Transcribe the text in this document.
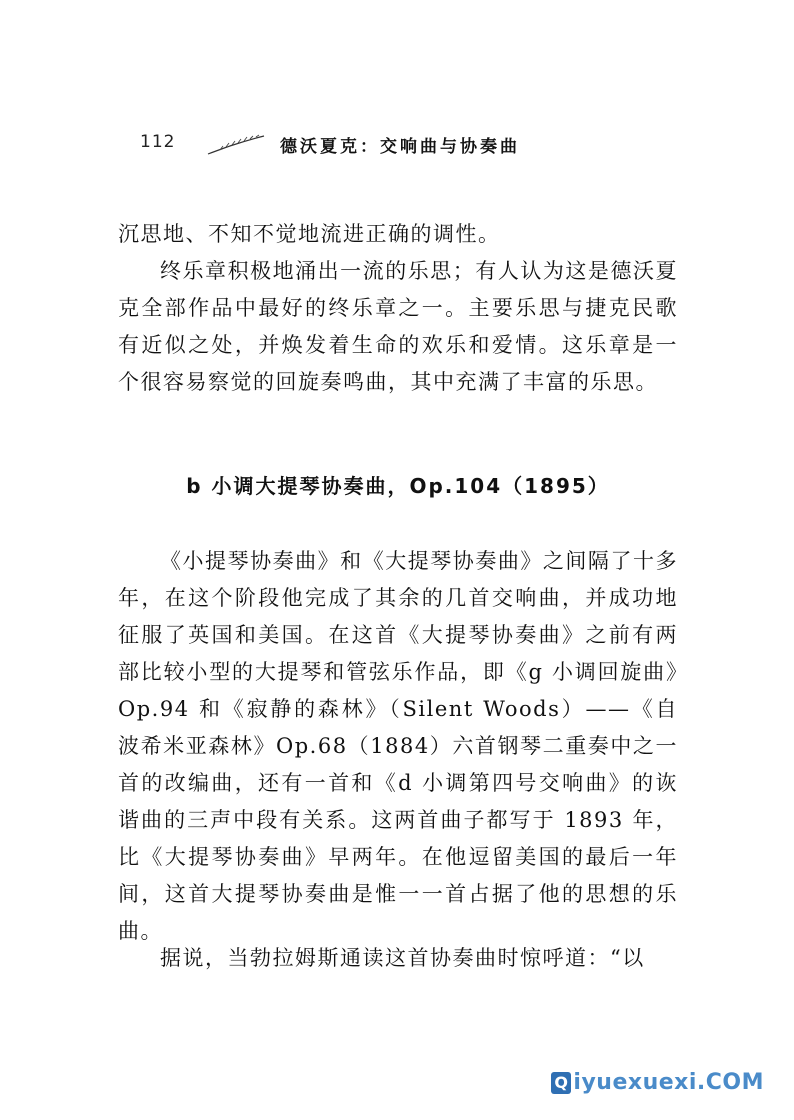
112	德沃夏克：交响曲与协奏曲

沉思地、不知不觉地流进正确的调性。

终乐章积极地涌出一流的乐思；有人认为这是德沃夏克全部作品中最好的终乐章之一。主要乐思与捷克民歌有近似之处，并焕发着生命的欢乐和爱情。这乐章是一个很容易察觉的回旋奏鸣曲，其中充满了丰富的乐思。

b 小调大提琴协奏曲，Op.104（1895）

《小提琴协奏曲》和《大提琴协奏曲》之间隔了十多年，在这个阶段他完成了其余的几首交响曲，并成功地征服了英国和美国。在这首《大提琴协奏曲》之前有两部比较小型的大提琴和管弦乐作品，即《g 小调回旋曲》Op.94 和《寂静的森林》（Silent Woods）——《自波希米亚森林》Op.68（1884）六首钢琴二重奏中之一首的改编曲，还有一首和《d 小调第四号交响曲》的诙谐曲的三声中段有关系。这两首曲子都写于 1893 年，比《大提琴协奏曲》早两年。在他逗留美国的最后一年间，这首大提琴协奏曲是惟一一首占据了他的思想的乐曲。

据说，当勃拉姆斯通读这首协奏曲时惊呼道：“以

Q iyuexuexi.COM
